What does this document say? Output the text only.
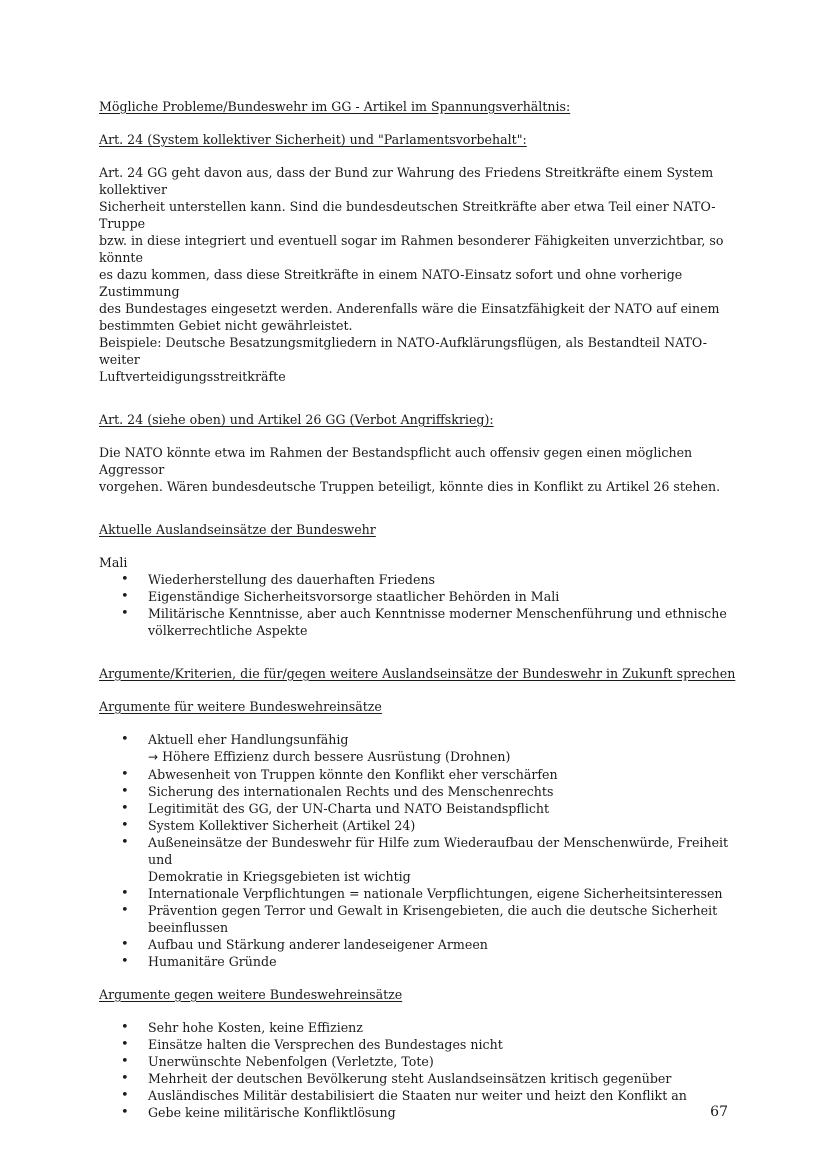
Mögliche Probleme/Bundeswehr im GG - Artikel im Spannungsverhältnis:

Art. 24 (System kollektiver Sicherheit) und "Parlamentsvorbehalt":

Art. 24 GG geht davon aus, dass der Bund zur Wahrung des Friedens Streitkräfte einem System kollektiver

Sicherheit unterstellen kann. Sind die bundesdeutschen Streitkräfte aber etwa Teil einer NATO-Truppe

bzw. in diese integriert und eventuell sogar im Rahmen besonderer Fähigkeiten unverzichtbar, so könnte

es dazu kommen, dass diese Streitkräfte in einem NATO-Einsatz sofort und ohne vorherige Zustimmung

des Bundestages eingesetzt werden. Anderenfalls wäre die Einsatzfähigkeit der NATO auf einem

bestimmten Gebiet nicht gewährleistet.

Beispiele: Deutsche Besatzungsmitgliedern in NATO-Aufklärungsflügen, als Bestandteil NATO-weiter

Luftverteidigungsstreitkräfte

Art. 24 (siehe oben) und Artikel 26 GG (Verbot Angriffskrieg):

Die NATO könnte etwa im Rahmen der Bestandspflicht auch offensiv gegen einen möglichen Aggressor

vorgehen. Wären bundesdeutsche Truppen beteiligt, könnte dies in Konflikt zu Artikel 26 stehen.

Aktuelle Auslandseinsätze der Bundeswehr

Mali

• Wiederherstellung des dauerhaften Friedens
• Eigenständige Sicherheitsvorsorge staatlicher Behörden in Mali
• Militärische Kenntnisse, aber auch Kenntnisse moderner Menschenführung und ethnische
völkerrechtliche Aspekte

Argumente/Kriterien, die für/gegen weitere Auslandseinsätze der Bundeswehr in Zukunft sprechen

Argumente für weitere Bundeswehreinsätze

• Aktuell eher Handlungsunfähig
→ Höhere Effizienz durch bessere Ausrüstung (Drohnen)
• Abwesenheit von Truppen könnte den Konflikt eher verschärfen
• Sicherung des internationalen Rechts und des Menschenrechts
• Legitimität des GG, der UN-Charta und NATO Beistandspflicht
• System Kollektiver Sicherheit (Artikel 24)
• Außeneinsätze der Bundeswehr für Hilfe zum Wiederaufbau der Menschenwürde, Freiheit und
Demokratie in Kriegsgebieten ist wichtig
• Internationale Verpflichtungen = nationale Verpflichtungen, eigene Sicherheitsinteressen
• Prävention gegen Terror und Gewalt in Krisengebieten, die auch die deutsche Sicherheit
beeinflussen
• Aufbau und Stärkung anderer landeseigener Armeen
• Humanitäre Gründe

Argumente gegen weitere Bundeswehreinsätze

• Sehr hohe Kosten, keine Effizienz
• Einsätze halten die Versprechen des Bundestages nicht
• Unerwünschte Nebenfolgen (Verletzte, Tote)
• Mehrheit der deutschen Bevölkerung steht Auslandseinsätzen kritisch gegenüber
• Ausländisches Militär destabilisiert die Staaten nur weiter und heizt den Konflikt an
• Gebe keine militärische Konfliktlösung	67
